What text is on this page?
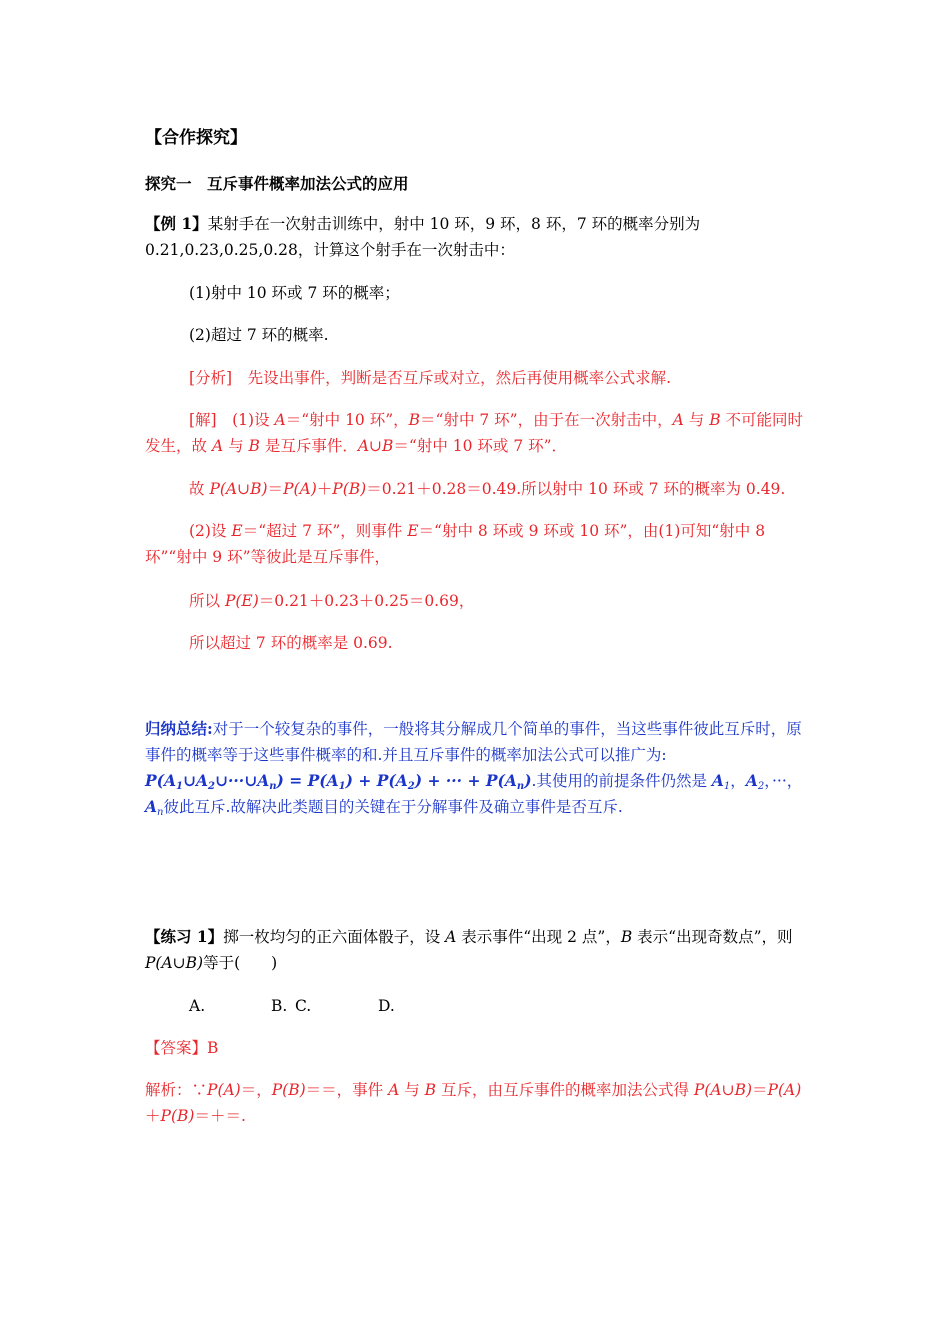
【合作探究】
探究一　互斥事件概率加法公式的应用

【例 1】某射手在一次射击训练中，射中 10 环，9 环，8 环，7 环的概率分别为 0.21,0.23,0.25,0.28，计算这个射手在一次射击中：

(1)射中 10 环或 7 环的概率；

(2)超过 7 环的概率.

[分析]　 先设出事件，判断是否互斥或对立，然后再使用概率公式求解.

[解]　 (1)设 A＝“射中 10 环”，B＝“射中 7 环”，由于在一次射击中，A 与 B 不可能同时发生，故 A 与 B 是互斥事件．A∪B＝“射中 10 环或 7 环”．

故 P(A∪B)＝P(A)＋P(B)＝0.21＋0.28＝0.49.所以射中 10 环或 7 环的概率为 0.49.

(2)设 E＝“超过 7 环”，则事件 E＝“射中 8 环或 9 环或 10 环”，由(1)可知“射中 8 环”“射中 9 环”等彼此是互斥事件，

所以 P(E)＝0.21＋0.23＋0.25＝0.69，

所以超过 7 环的概率是 0.69.

归纳总结:对于一个较复杂的事件，一般将其分解成几个简单的事件，当这些事件彼此互斥时，原事件的概率等于这些事件概率的和.并且互斥事件的概率加法公式可以推广为:
$P(A_1\cup A_2\cup\cdot\cdot\cdot\cup A_n) = P(A_1) + P(A_2)$ + ··· + $P(A_n)$.其使用的前提条件仍然是 $A_1$，$A_2$，···，$A_n$彼此互斥.故解决此类题目的关键在于分解事件及确立事件是否互斥.

【练习 1】掷一枚均匀的正六面体骰子，设 A 表示事件“出现 2 点”，B 表示“出现奇数点”，则 P(A∪B)等于(　　)

A.	B. C.	D.

【答案】B

解析：∵P(A)＝，P(B)＝＝，事件 A 与 B 互斥，由互斥事件的概率加法公式得 P(A∪B)＝P(A)＋P(B)＝＋＝.
